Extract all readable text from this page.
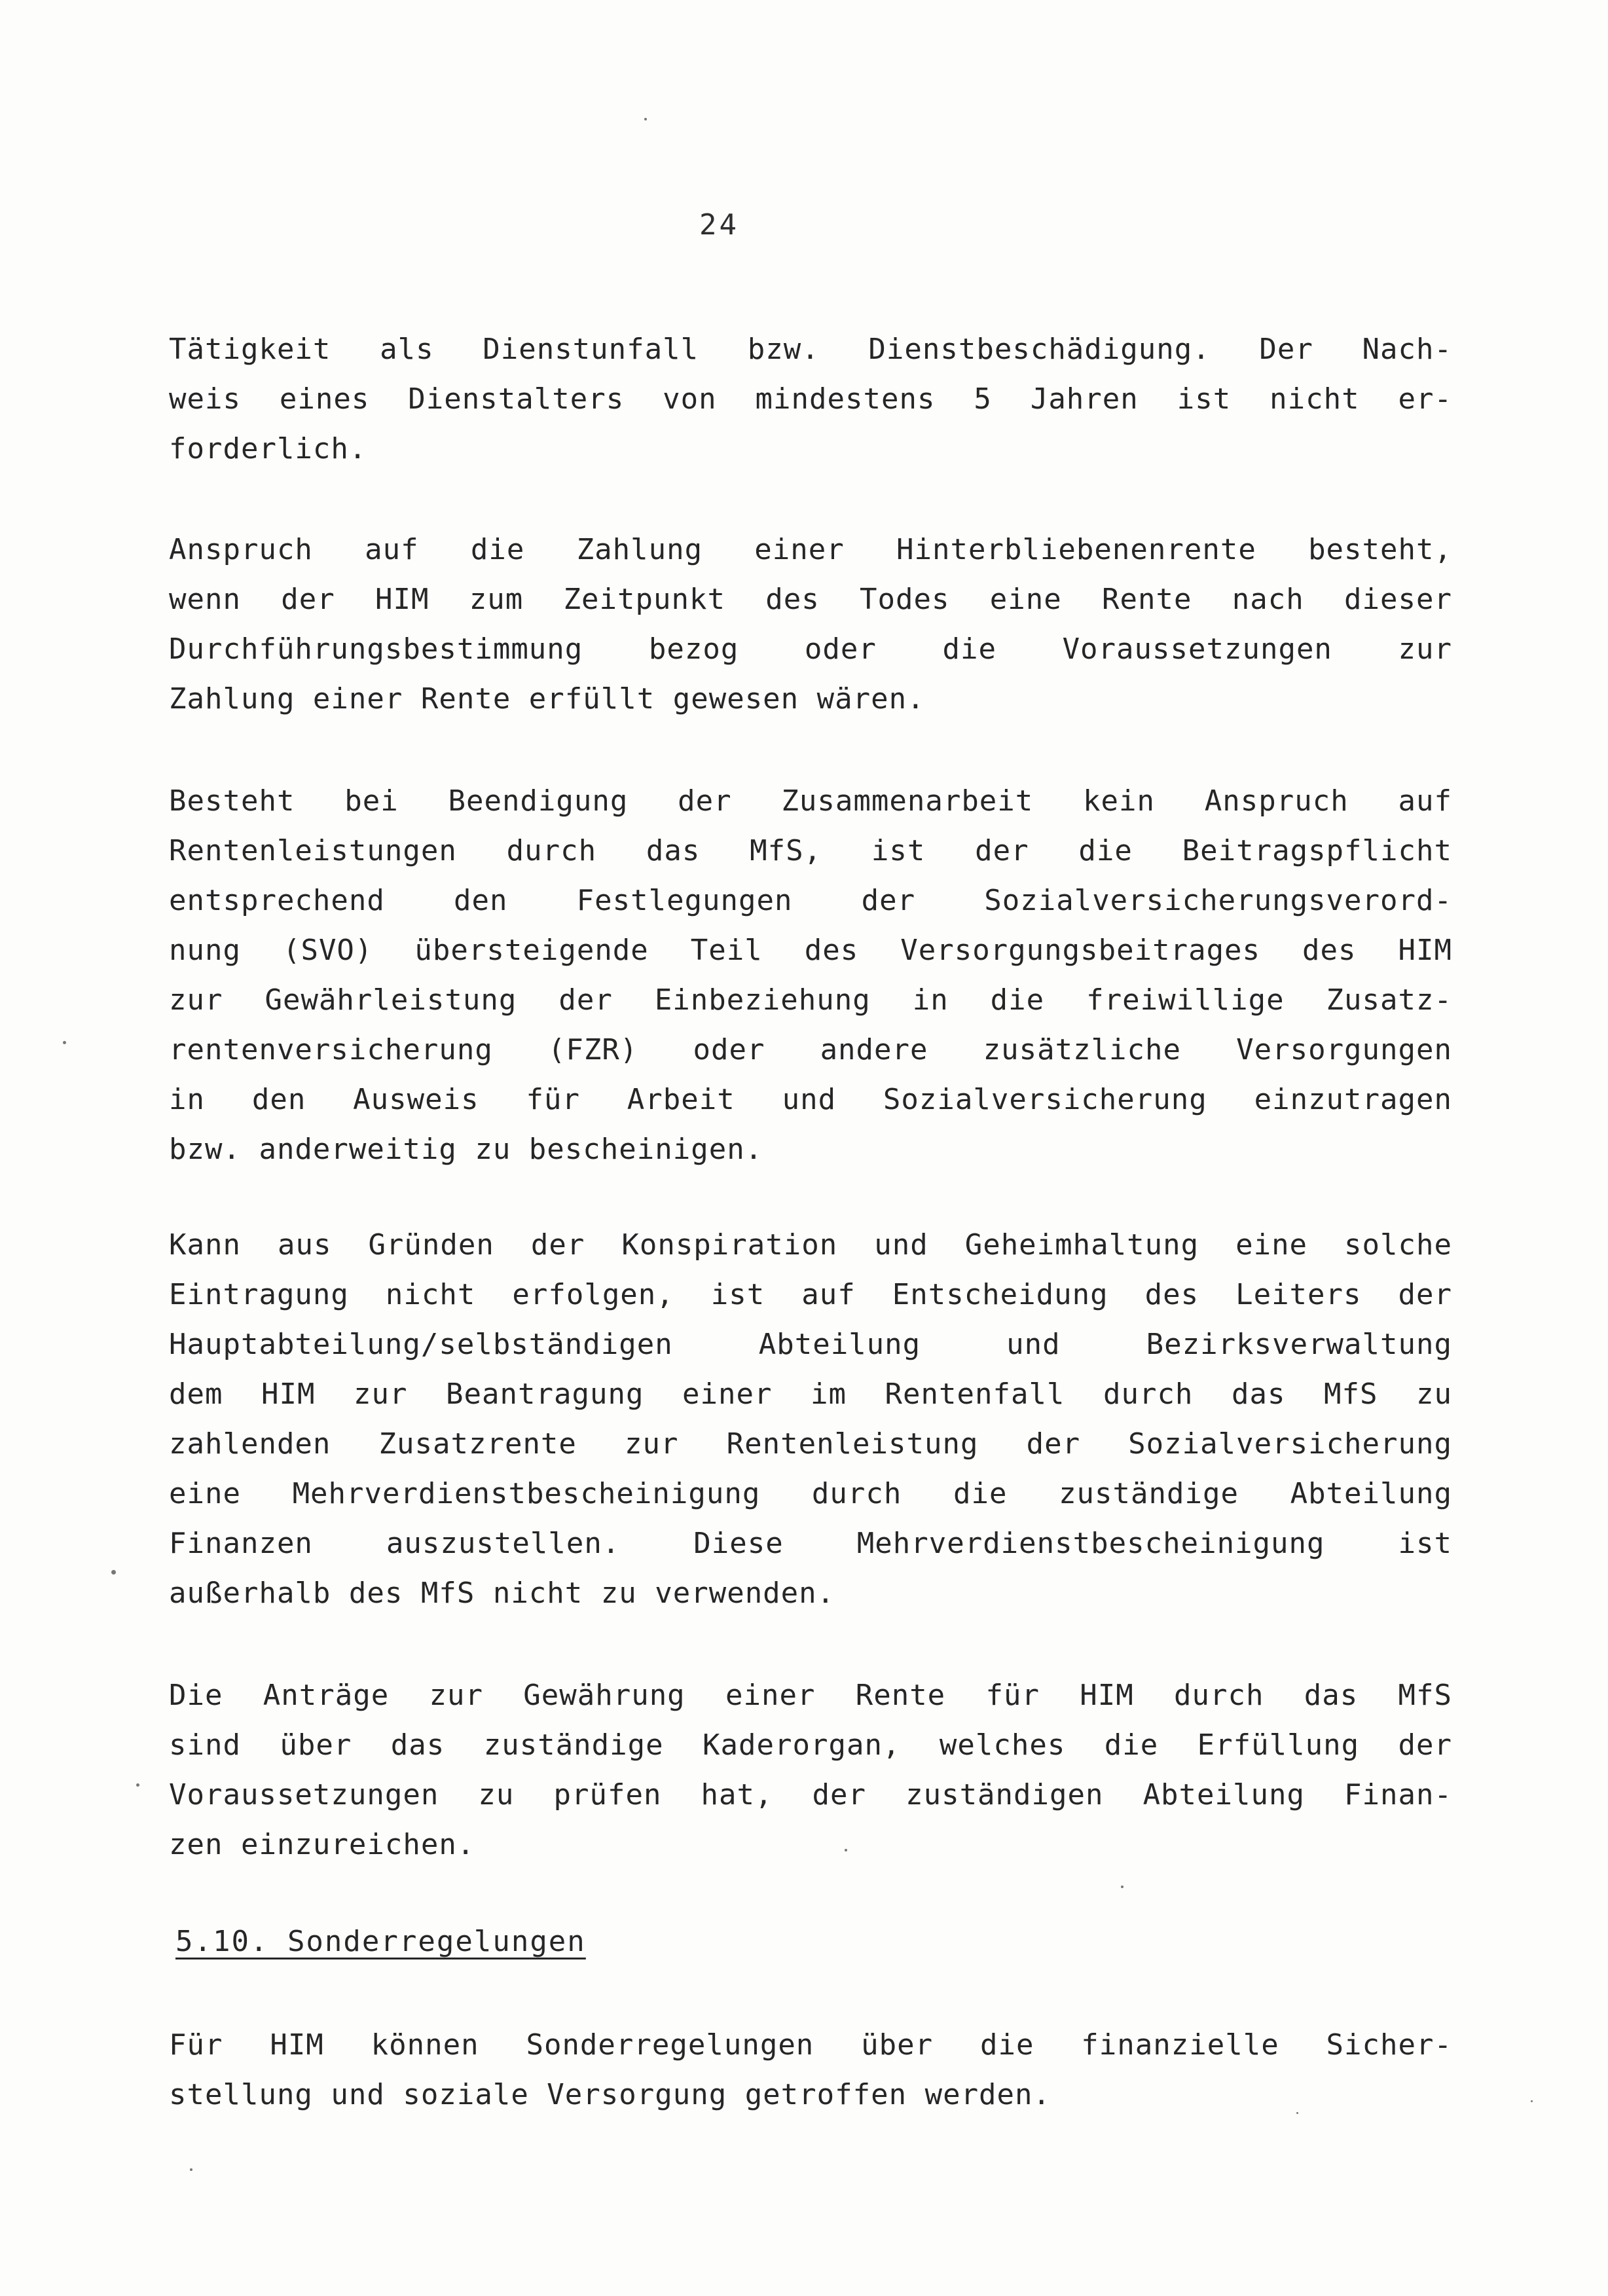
24
Tätigkeit als Dienstunfall bzw. Dienstbeschädigung. Der Nach-
weis eines Dienstalters von mindestens 5 Jahren ist nicht er-
forderlich.
Anspruch auf die Zahlung einer Hinterbliebenenrente besteht,
wenn der HIM zum Zeitpunkt des Todes eine Rente nach dieser
Durchführungsbestimmung bezog oder die Voraussetzungen zur
Zahlung einer Rente erfüllt gewesen wären.
Besteht bei Beendigung der Zusammenarbeit kein Anspruch auf
Rentenleistungen durch das MfS, ist der die Beitragspflicht
entsprechend den Festlegungen der Sozialversicherungsverord-
nung (SVO) übersteigende Teil des Versorgungsbeitrages des HIM
zur Gewährleistung der Einbeziehung in die freiwillige Zusatz-
rentenversicherung (FZR) oder andere zusätzliche Versorgungen
in den Ausweis für Arbeit und Sozialversicherung einzutragen
bzw. anderweitig zu bescheinigen.
Kann aus Gründen der Konspiration und Geheimhaltung eine solche
Eintragung nicht erfolgen, ist auf Entscheidung des Leiters der
Hauptabteilung/selbständigen Abteilung und Bezirksverwaltung
dem HIM zur Beantragung einer im Rentenfall durch das MfS zu
zahlenden Zusatzrente zur Rentenleistung der Sozialversicherung
eine Mehrverdienstbescheinigung durch die zuständige Abteilung
Finanzen auszustellen. Diese Mehrverdienstbescheinigung ist
außerhalb des MfS nicht zu verwenden.
Die Anträge zur Gewährung einer Rente für HIM durch das MfS
sind über das zuständige Kaderorgan, welches die Erfüllung der
Voraussetzungen zu prüfen hat, der zuständigen Abteilung Finan-
zen einzureichen.
5.10. Sonderregelungen
Für HIM können Sonderregelungen über die finanzielle Sicher-
stellung und soziale Versorgung getroffen werden.
